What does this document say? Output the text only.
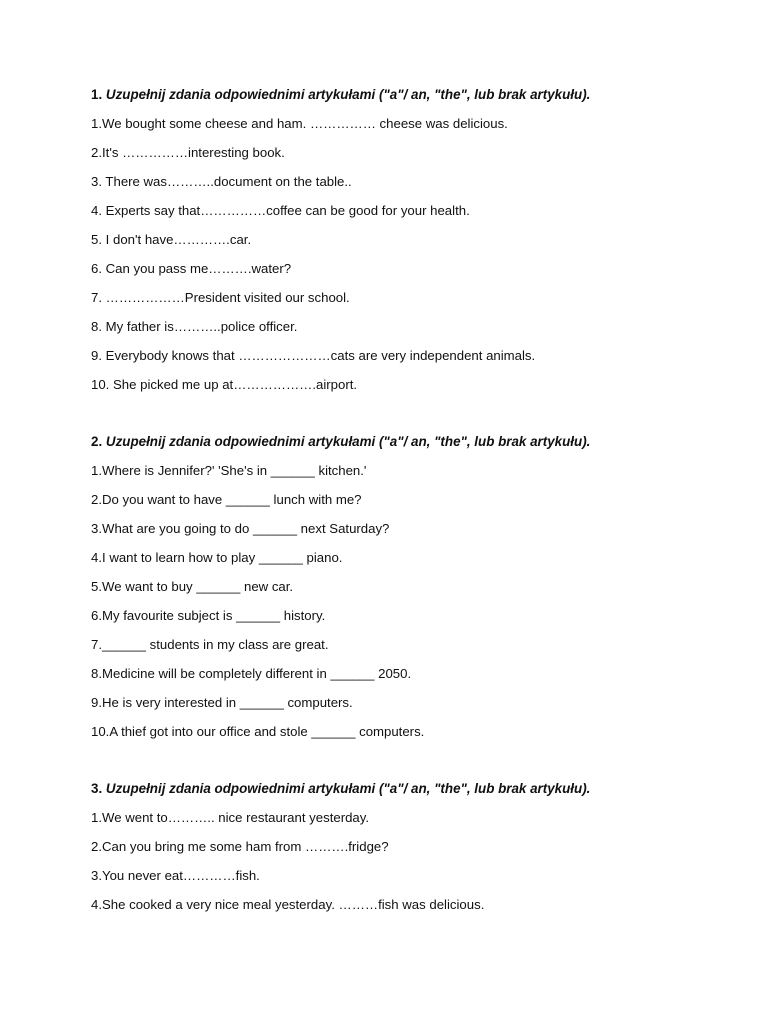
1. Uzupełnij zdania odpowiednimi artykułami ("a"/ an, "the", lub brak artykułu).

1.We bought some cheese and ham. …………… cheese was delicious.
2.It's ……………interesting book.
3. There was………..document on the table..
4. Experts say that……………coffee can be good for your health.
5. I don't have………….car.
6. Can you pass me……….water?
7. ………………President visited our school.
8. My father is………..police officer.
9. Everybody knows that …………………cats are very independent animals.
10. She picked me up at……………….airport.

2. Uzupełnij zdania odpowiednimi artykułami ("a"/ an, "the", lub brak artykułu).

1.Where is Jennifer?' 'She's in ______ kitchen.'
2.Do you want to have ______ lunch with me?
3.What are you going to do ______ next Saturday?
4.I want to learn how to play ______ piano.
5.We want to buy ______ new car.
6.My favourite subject is ______ history.
7.______ students in my class are great.
8.Medicine will be completely different in ______ 2050.
9.He is very interested in ______ computers.
10.A thief got into our office and stole ______ computers.

3. Uzupełnij zdania odpowiednimi artykułami ("a"/ an, "the", lub brak artykułu).

1.We went to……….. nice restaurant yesterday.
2.Can you bring me some ham from ……….fridge?
3.You never eat…………fish.
4.She cooked a very nice meal yesterday. ………fish was delicious.
